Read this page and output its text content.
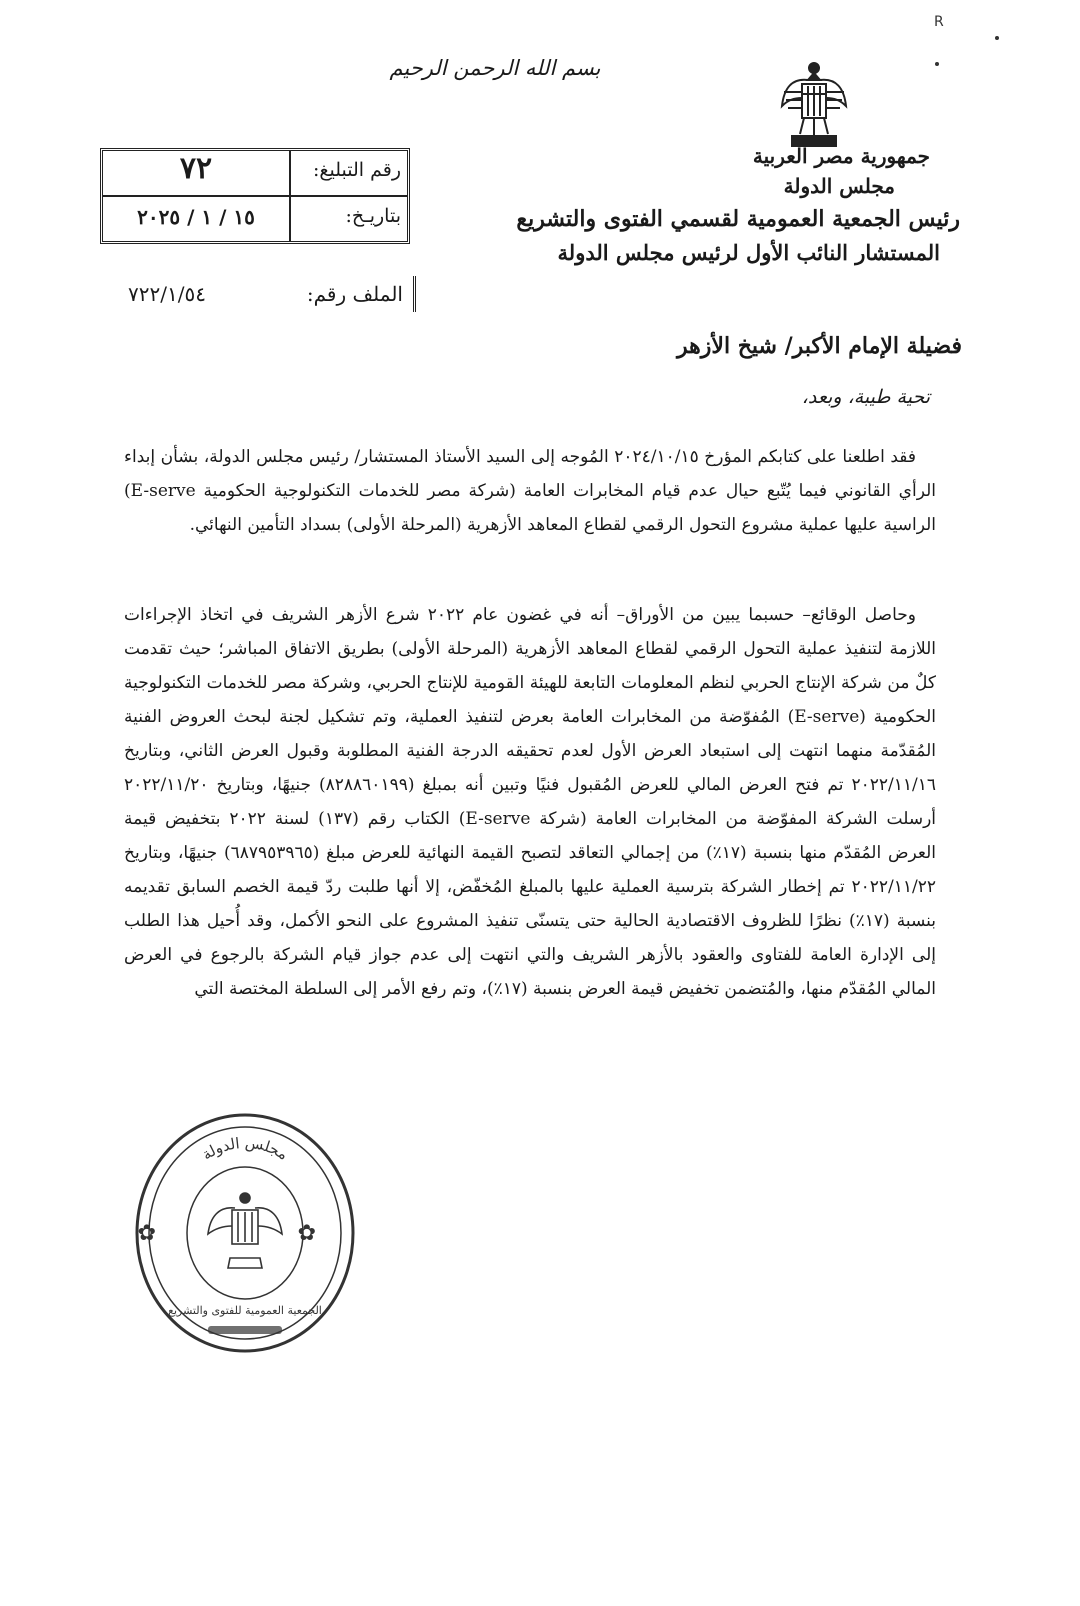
R
بسم الله الرحمن الرحيم
جمهورية مصر العربية
مجلس الدولة
رئيس الجمعية العمومية لقسمي الفتوى والتشريع
المستشار النائب الأول لرئيس مجلس الدولة
رقم التبليغ:
٧٢
بتاريـخ:
١٥ / ١ / ٢٠٢٥
الملف رقم:
٧٢٢/١/٥٤
فضيلة الإمام الأكبر/ شيخ الأزهر
تحية طيبة، وبعد،

فقد اطلعنا على كتابكم المؤرخ ٢٠٢٤/١٠/١٥ المُوجه إلى السيد الأستاذ المستشار/ رئيس مجلس الدولة، بشأن إبداء الرأي القانوني فيما يُتّبع حيال عدم قيام المخابرات العامة (شركة مصر للخدمات التكنولوجية الحكومية E-serve) الراسية عليها عملية مشروع التحول الرقمي لقطاع المعاهد الأزهرية (المرحلة الأولى) بسداد التأمين النهائي.

وحاصل الوقائع– حسبما يبين من الأوراق– أنه في غضون عام ٢٠٢٢ شرع الأزهر الشريف في اتخاذ الإجراءات اللازمة لتنفيذ عملية التحول الرقمي لقطاع المعاهد الأزهرية (المرحلة الأولى) بطريق الاتفاق المباشر؛ حيث تقدمت كلٌ من شركة الإنتاج الحربي لنظم المعلومات التابعة للهيئة القومية للإنتاج الحربي، وشركة مصر للخدمات التكنولوجية الحكومية (E-serve) المُفوّضة من المخابرات العامة بعرض لتنفيذ العملية، وتم تشكيل لجنة لبحث العروض الفنية المُقدّمة منهما انتهت إلى استبعاد العرض الأول لعدم تحقيقه الدرجة الفنية المطلوبة وقبول العرض الثاني، وبتاريخ ٢٠٢٢/١١/١٦ تم فتح العرض المالي للعرض المُقبول فنيًا وتبين أنه بمبلغ (٨٢٨٨٦٠١٩٩) جنيهًا، وبتاريخ ٢٠٢٢/١١/٢٠ أرسلت الشركة المفوّضة من المخابرات العامة (شركة E-serve) الكتاب رقم (١٣٧) لسنة ٢٠٢٢ بتخفيض قيمة العرض المُقدّم منها بنسبة (١٧٪) من إجمالي التعاقد لتصبح القيمة النهائية للعرض مبلغ (٦٨٧٩٥٣٩٦٥) جنيهًا، وبتاريخ ٢٠٢٢/١١/٢٢ تم إخطار الشركة بترسية العملية عليها بالمبلغ المُخفّض، إلا أنها طلبت ردّ قيمة الخصم السابق تقديمه بنسبة (١٧٪) نظرًا للظروف الاقتصادية الحالية حتى يتسنّى تنفيذ المشروع على النحو الأكمل، وقد أُحيل هذا الطلب إلى الإدارة العامة للفتاوى والعقود بالأزهر الشريف والتي انتهت إلى عدم جواز قيام الشركة بالرجوع في العرض المالي المُقدّم منها، والمُتضمن تخفيض قيمة العرض بنسبة (١٧٪)، وتم رفع الأمر إلى السلطة المختصة التي

✿	✿
مجلس الدولة
الجمعية العمومية للفتوى والتشريع
